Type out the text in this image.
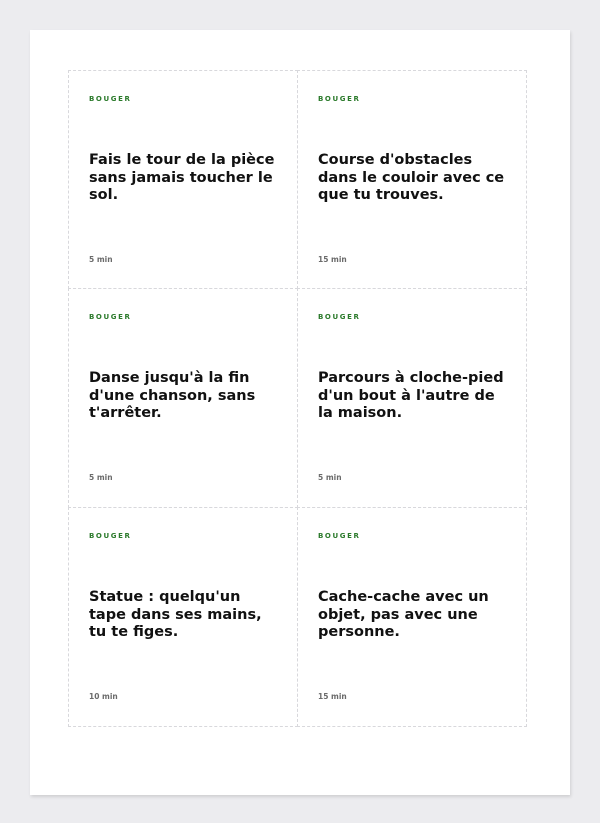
BOUGER
Fais le tour de la pièce sans jamais toucher le sol.
5 min
BOUGER
Course d'obstacles dans le couloir avec ce que tu trouves.
15 min
BOUGER
Danse jusqu'à la fin d'une chanson, sans t'arrêter.
5 min
BOUGER
Parcours à cloche-pied d'un bout à l'autre de la maison.
5 min
BOUGER
Statue : quelqu'un tape dans ses mains, tu te figes.
10 min
BOUGER
Cache-cache avec un objet, pas avec une personne.
15 min
